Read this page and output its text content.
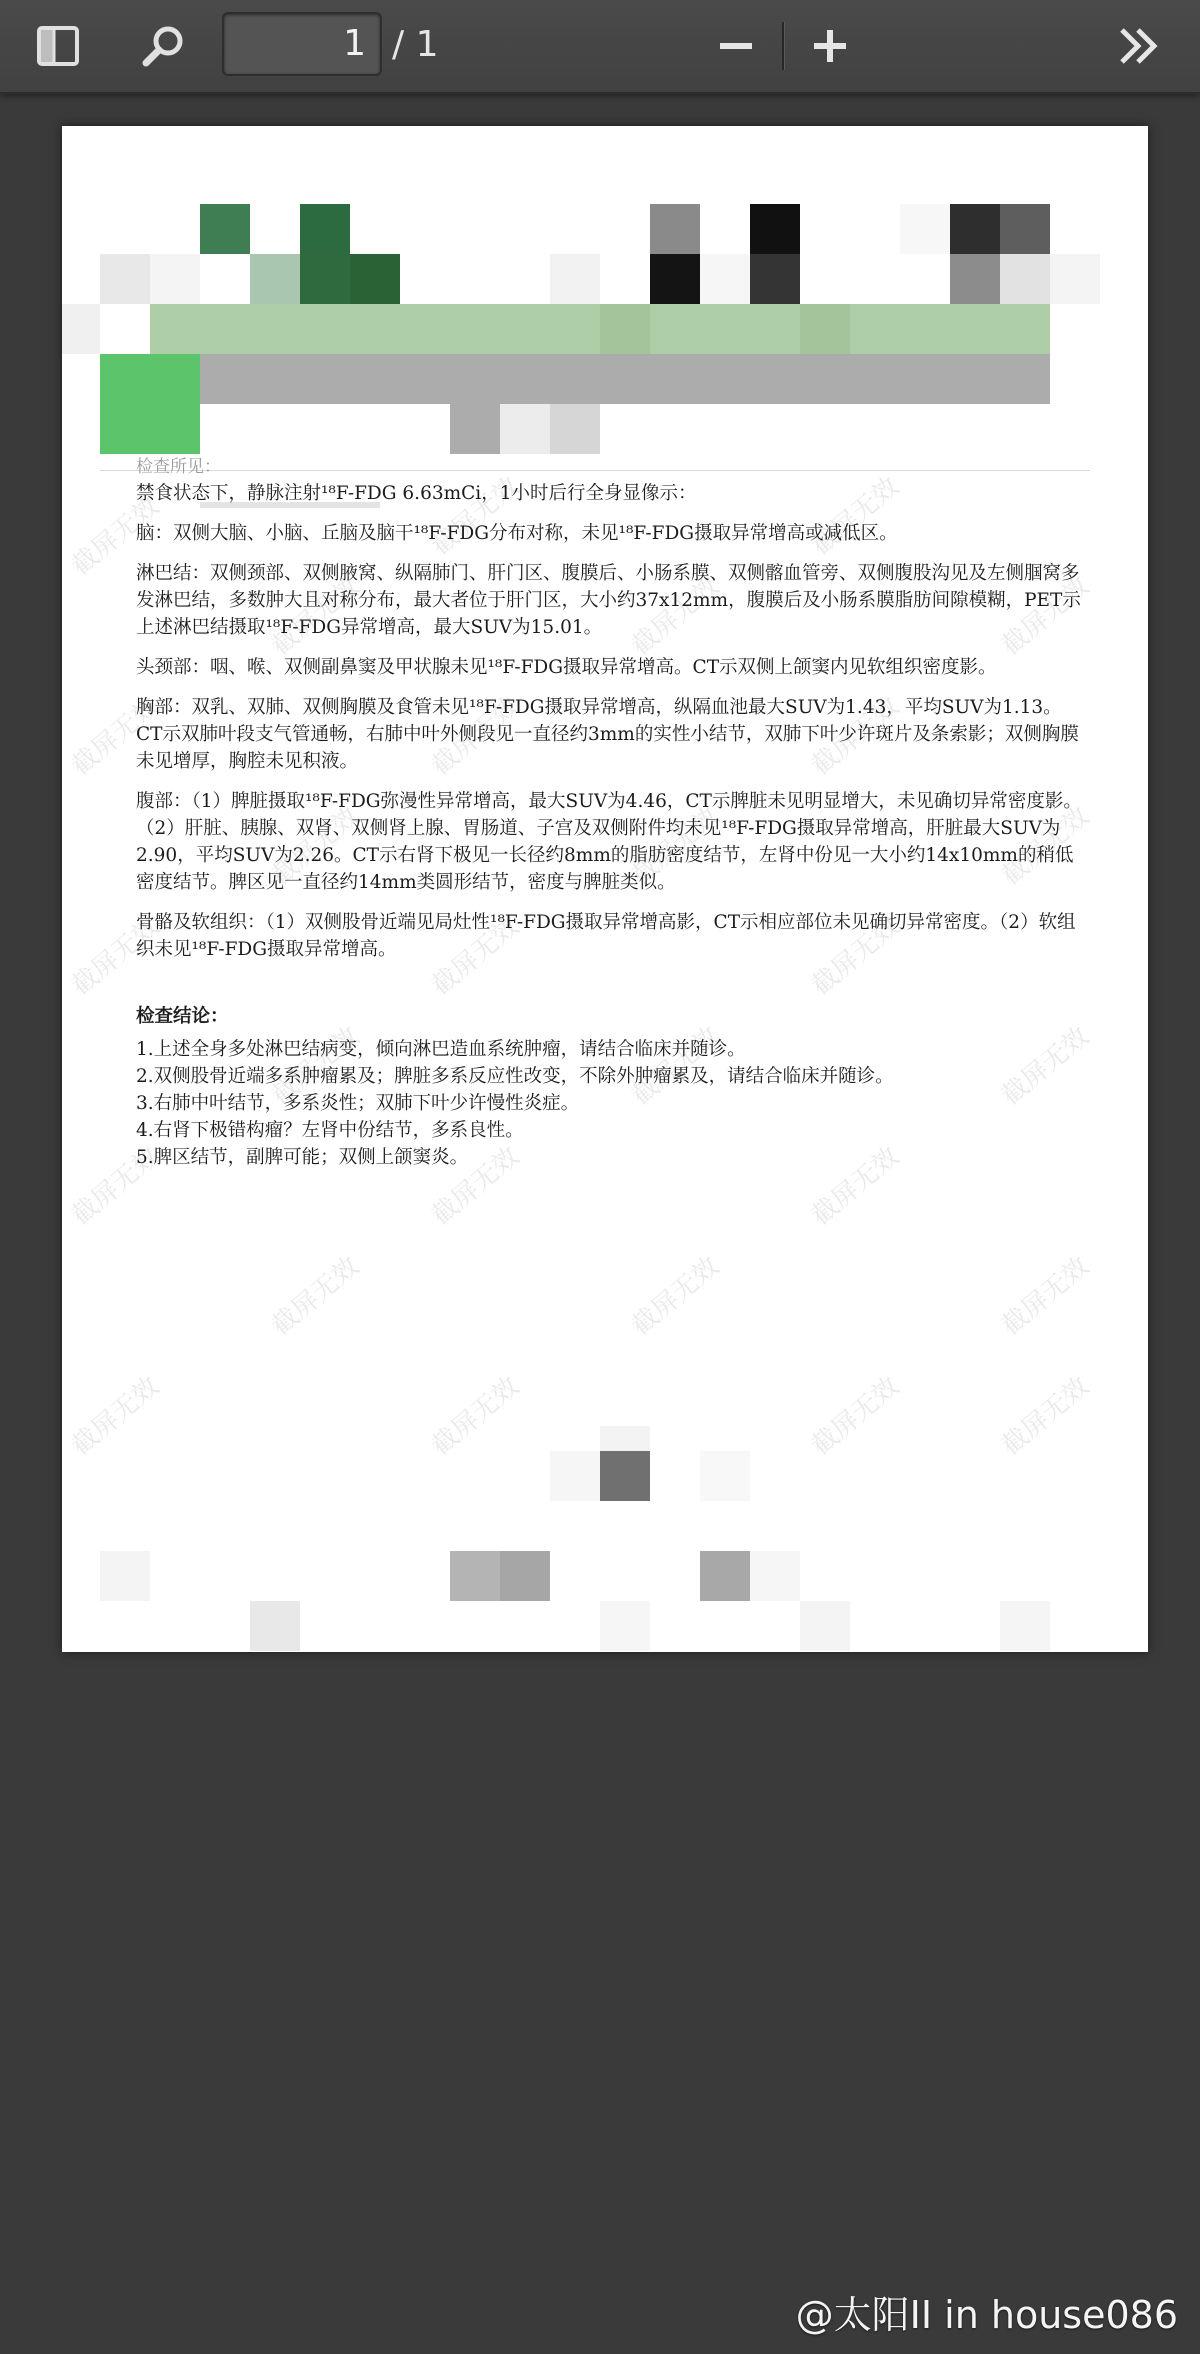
1 / 1
截屏无效
截屏无效
截屏无效
截屏无效
截屏无效
截屏无效
截屏无效	截屏无效	截屏无效
截屏无效	截屏无效	截屏无效
截屏无效	截屏无效	截屏无效
截屏无效	截屏无效	截屏无效
截屏无效	截屏无效	截屏无效
截屏无效	截屏无效	截屏无效
截屏无效	截屏无效	截屏无效	截屏无效

检查所见：

禁食状态下，静脉注射¹⁸F-FDG 6.63mCi，1小时后行全身显像示：

脑：双侧大脑、小脑、丘脑及脑干¹⁸F-FDG分布对称，未见¹⁸F-FDG摄取异常增高或减低区。

淋巴结：双侧颈部、双侧腋窝、纵隔肺门、肝门区、腹膜后、小肠系膜、双侧髂血管旁、双侧腹股沟见及左侧腘窝多发淋巴结，多数肿大且对称分布，最大者位于肝门区，大小约37x12mm，腹膜后及小肠系膜脂肪间隙模糊，PET示上述淋巴结摄取¹⁸F-FDG异常增高，最大SUV为15.01。

头颈部：咽、喉、双侧副鼻窦及甲状腺未见¹⁸F-FDG摄取异常增高。CT示双侧上颌窦内见软组织密度影。

胸部：双乳、双肺、双侧胸膜及食管未见¹⁸F-FDG摄取异常增高，纵隔血池最大SUV为1.43，平均SUV为1.13。CT示双肺叶段支气管通畅，右肺中叶外侧段见一直径约3mm的实性小结节，双肺下叶少许斑片及条索影；双侧胸膜未见增厚，胸腔未见积液。

腹部：（1）脾脏摄取¹⁸F-FDG弥漫性异常增高，最大SUV为4.46，CT示脾脏未见明显增大，未见确切异常密度影。（2）肝脏、胰腺、双肾、双侧肾上腺、胃肠道、子宫及双侧附件均未见¹⁸F-FDG摄取异常增高，肝脏最大SUV为2.90，平均SUV为2.26。CT示右肾下极见一长径约8mm的脂肪密度结节，左肾中份见一大小约14x10mm的稍低密度结节。脾区见一直径约14mm类圆形结节，密度与脾脏类似。

骨骼及软组织：（1）双侧股骨近端见局灶性¹⁸F-FDG摄取异常增高影，CT示相应部位未见确切异常密度。（2）软组织未见¹⁸F-FDG摄取异常增高。

检查结论：

1.上述全身多处淋巴结病变，倾向淋巴造血系统肿瘤，请结合临床并随诊。
2.双侧股骨近端多系肿瘤累及；脾脏多系反应性改变，不除外肿瘤累及，请结合临床并随诊。
3.右肺中叶结节，多系炎性；双肺下叶少许慢性炎症。
4.右肾下极错构瘤？左肾中份结节，多系良性。
5.脾区结节，副脾可能；双侧上颌窦炎。
@太阳II in house086
